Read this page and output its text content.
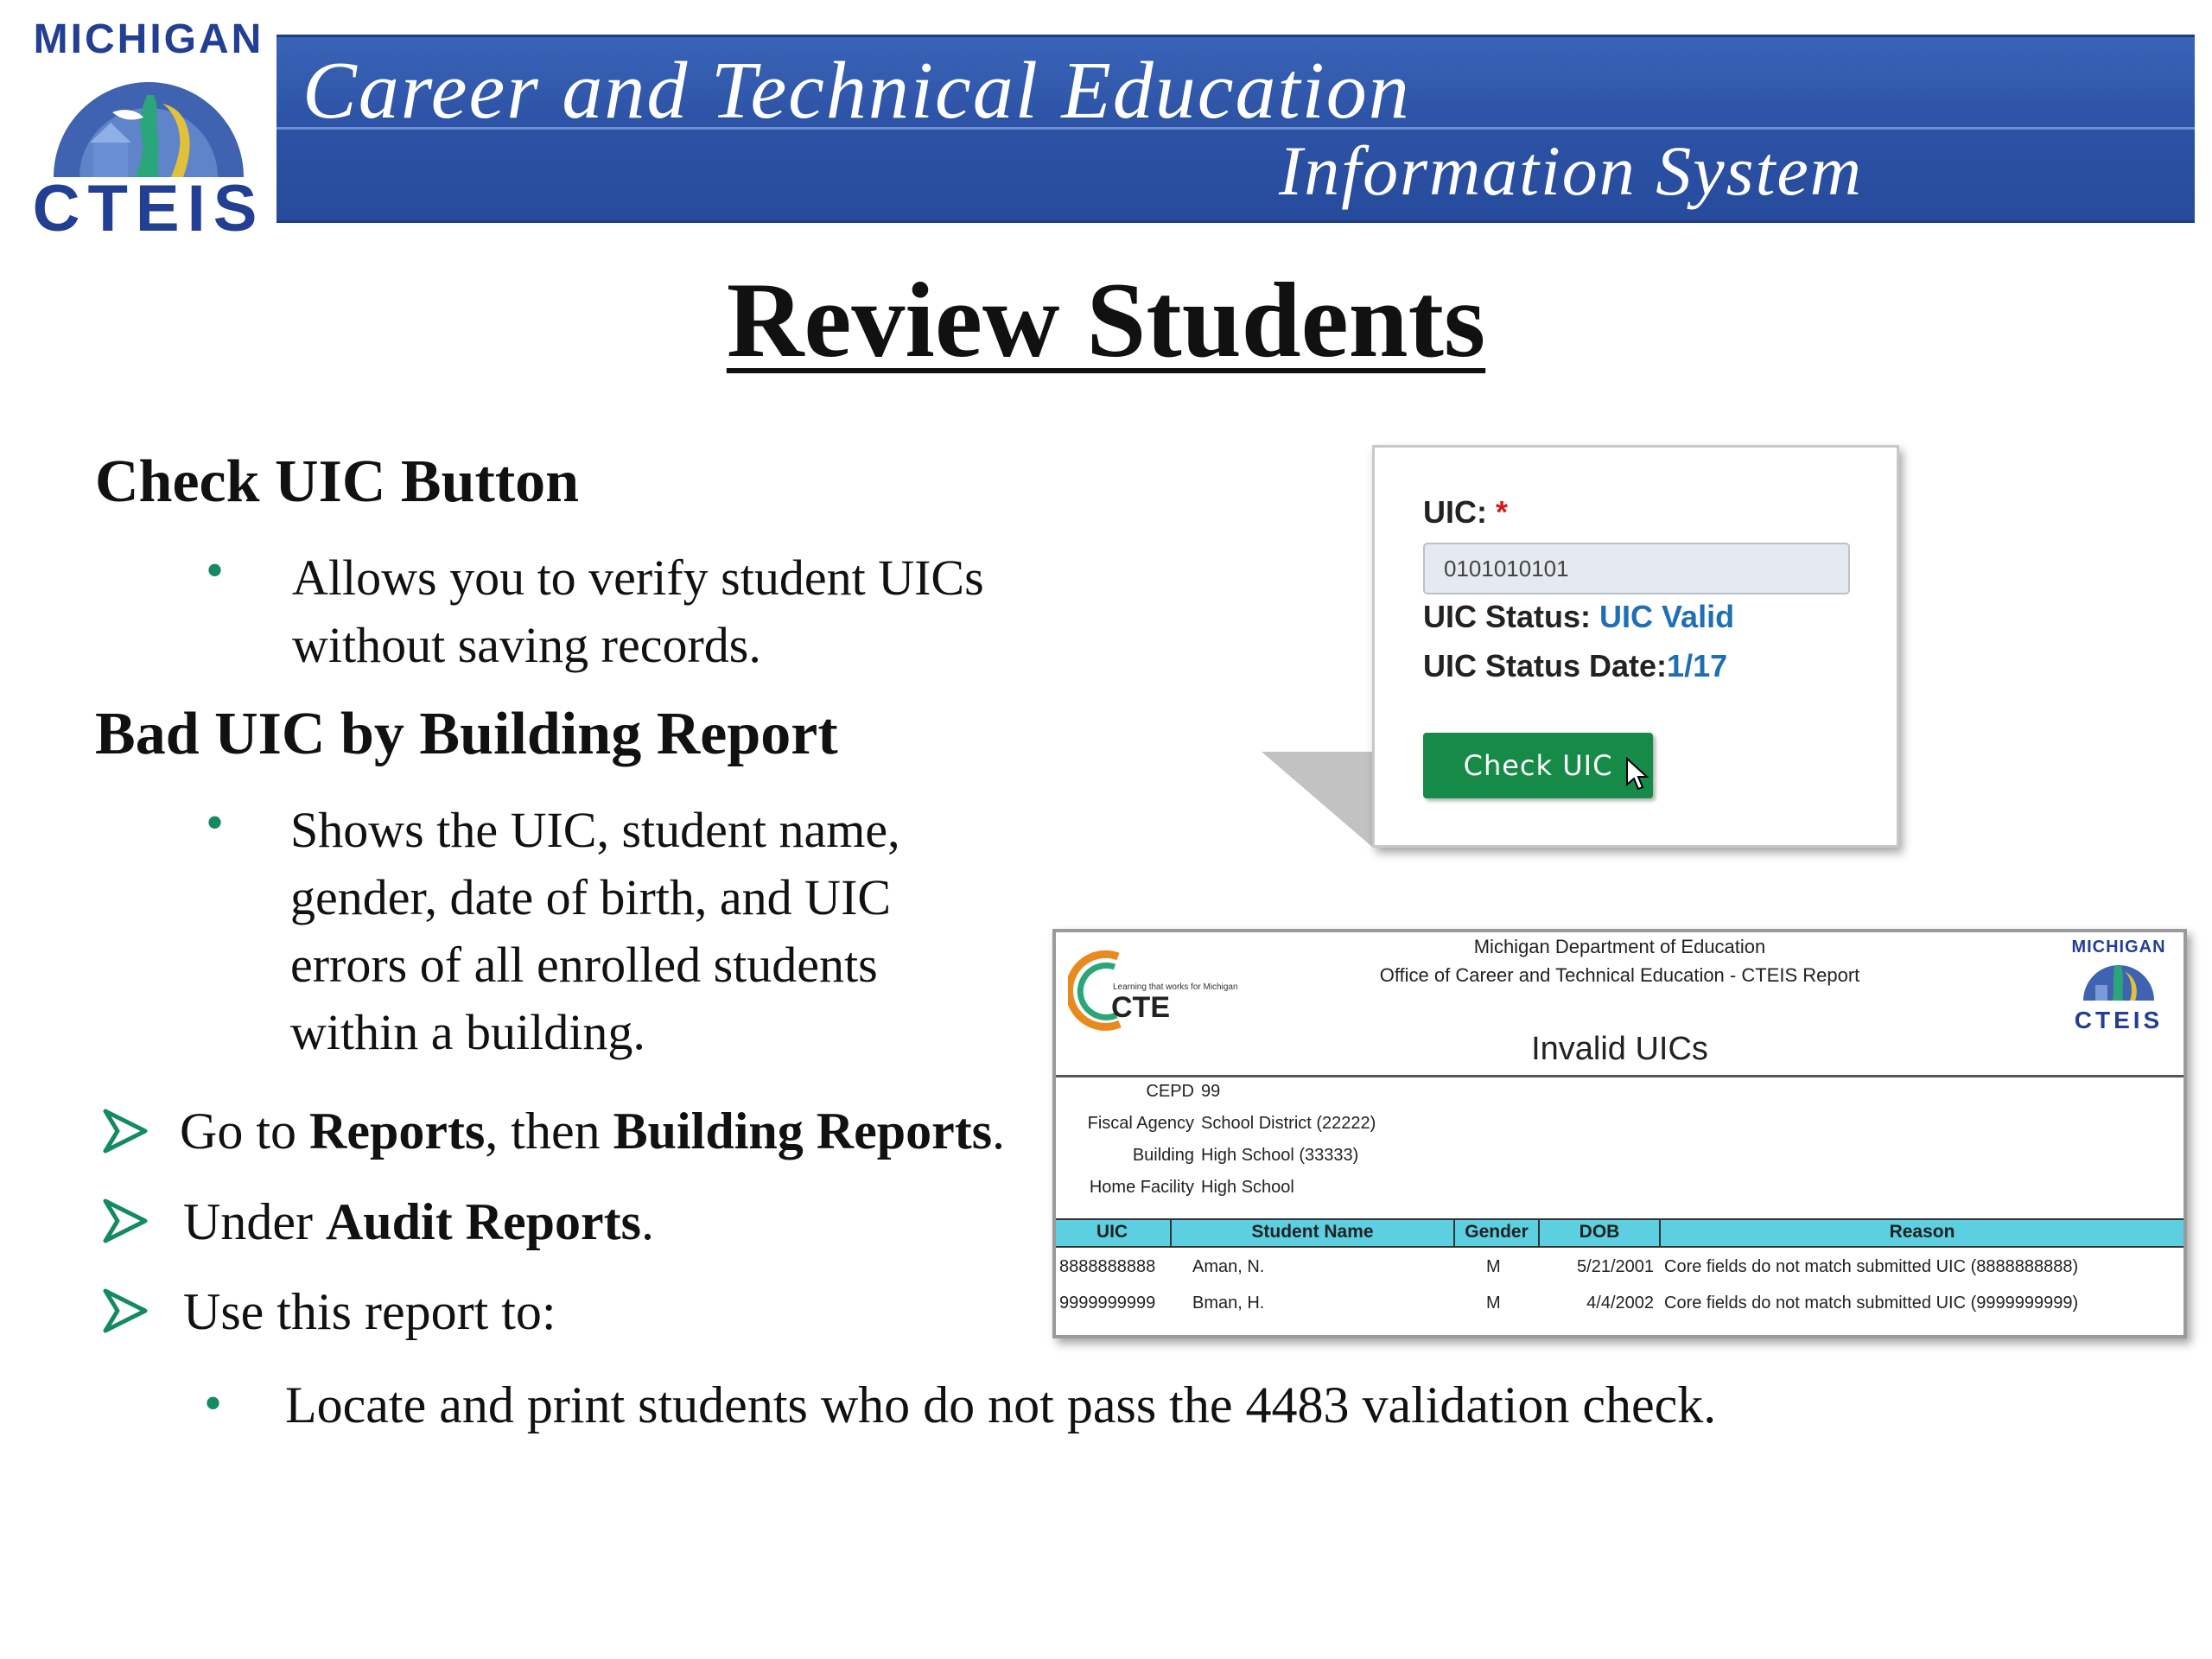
MICHIGAN
CTEIS
Career and Technical Education
Information System
Review Students
Check UIC Button
• Allows you to verify student UICs
without saving records.
Bad UIC by Building Report
• Shows the UIC, student name,
gender, date of birth, and UIC
errors of all enrolled students
within a building.
Go to Reports, then Building Reports.
Under Audit Reports.
Use this report to:
• Locate and print students who do not pass the 4483 validation check.
UIC: *
0101010101
UIC Status: UIC Valid
UIC Status Date:1/17
Check UIC
Learning that works for Michigan
CTE
Michigan Department of Education
Office of Career and Technical Education - CTEIS Report
MICHIGAN
CTEIS
Invalid UICs
CEPD 99
Fiscal Agency School District (22222)
Building High School (33333)
Home Facility High School
UIC	Student Name	Gender	DOB	Reason
8888888888 Aman, N.	M	5/21/2001 Core fields do not match submitted UIC (8888888888)
9999999999 Bman, H.	M	4/4/2002 Core fields do not match submitted UIC (9999999999)
